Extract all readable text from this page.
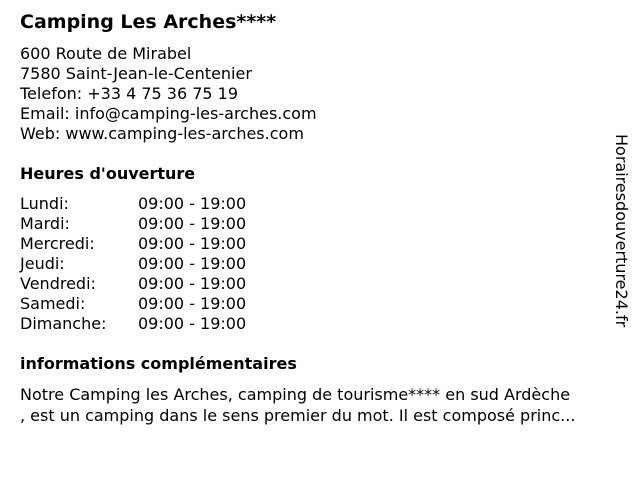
Camping Les Arches****
600 Route de Mirabel
7580 Saint-Jean-le-Centenier
Telefon: +33 4 75 36 75 19
Email: info@camping-les-arches.com
Web: www.camping-les-arches.com
Heures d'ouverture
Lundi:	09:00 - 19:00
Mardi:	09:00 - 19:00
Mercredi:	09:00 - 19:00
Jeudi:	09:00 - 19:00
Vendredi:	09:00 - 19:00
Samedi:	09:00 - 19:00
Dimanche:	09:00 - 19:00
informations complémentaires
Notre Camping les Arches, camping de tourisme**** en sud Ardèche
, est un camping dans le sens premier du mot. Il est composé princ...
Horairesdouverture24.fr
